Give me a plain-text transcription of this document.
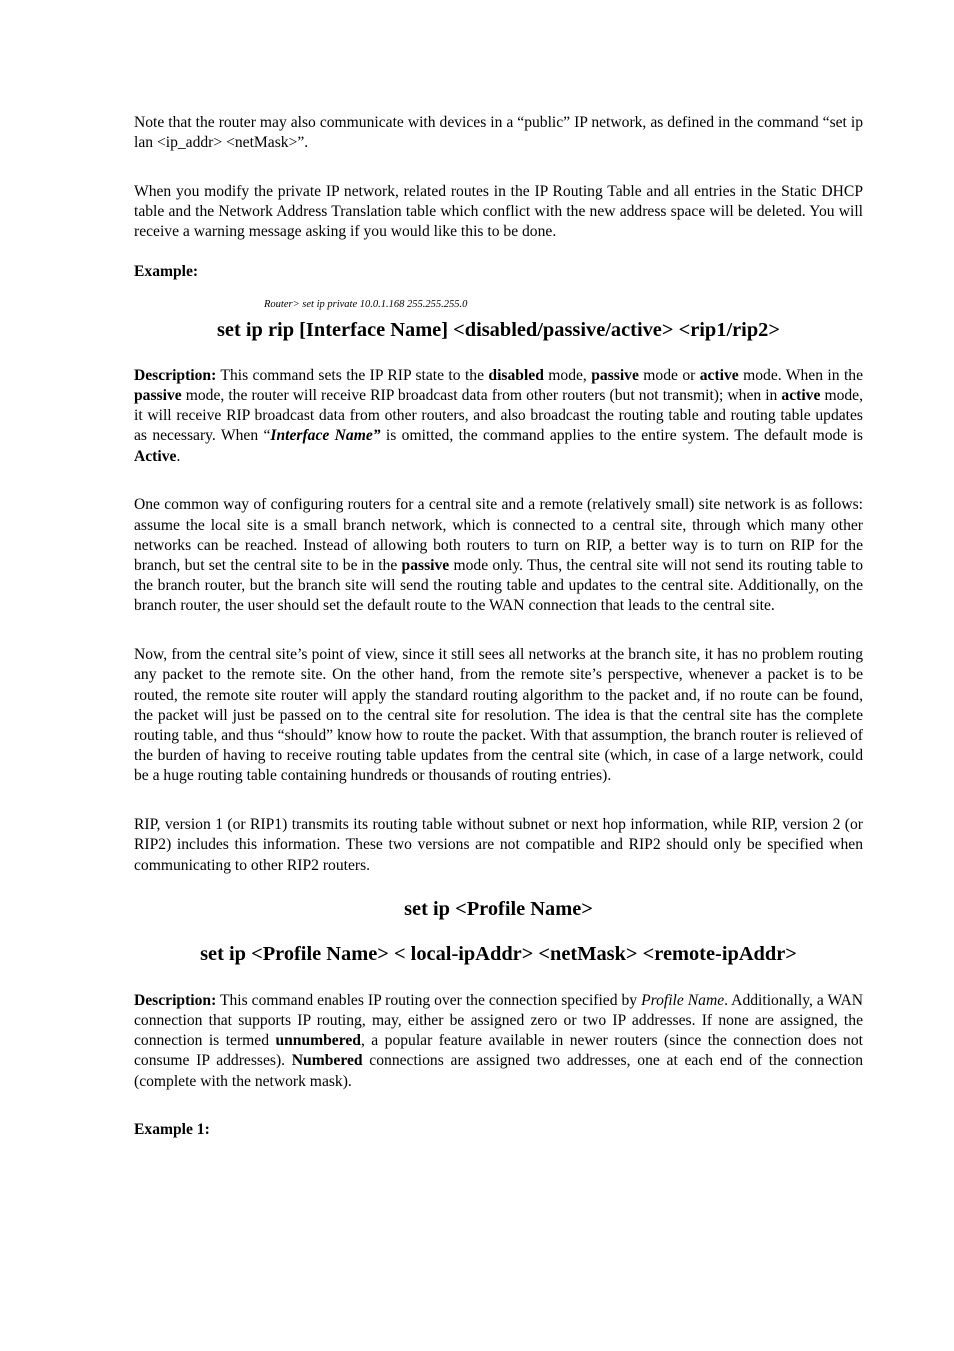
Note that the router may also communicate with devices in a “public” IP network, as defined in the command “set ip lan <ip_addr> <netMask>”.

When you modify the private IP network, related routes in the IP Routing Table and all entries in the Static DHCP table and the Network Address Translation table which conflict with the new address space will be deleted. You will receive a warning message asking if you would like this to be done.

Example:

Router> set ip private 10.0.1.168 255.255.255.0
set ip rip [Interface Name] <disabled/passive/active> <rip1/rip2>

Description: This command sets the IP RIP state to the disabled mode, passive mode or active mode. When in the passive mode, the router will receive RIP broadcast data from other routers (but not transmit); when in active mode, it will receive RIP broadcast data from other routers, and also broadcast the routing table and routing table updates as necessary. When “Interface Name” is omitted, the command applies to the entire system. The default mode is Active.

One common way of configuring routers for a central site and a remote (relatively small) site network is as follows: assume the local site is a small branch network, which is connected to a central site, through which many other networks can be reached. Instead of allowing both routers to turn on RIP, a better way is to turn on RIP for the branch, but set the central site to be in the passive mode only. Thus, the central site will not send its routing table to the branch router, but the branch site will send the routing table and updates to the central site. Additionally, on the branch router, the user should set the default route to the WAN connection that leads to the central site.

Now, from the central site’s point of view, since it still sees all networks at the branch site, it has no problem routing any packet to the remote site. On the other hand, from the remote site’s perspective, whenever a packet is to be routed, the remote site router will apply the standard routing algorithm to the packet and, if no route can be found, the packet will just be passed on to the central site for resolution. The idea is that the central site has the complete routing table, and thus “should” know how to route the packet. With that assumption, the branch router is relieved of the burden of having to receive routing table updates from the central site (which, in case of a large network, could be a huge routing table containing hundreds or thousands of routing entries).

RIP, version 1 (or RIP1) transmits its routing table without subnet or next hop information, while RIP, version 2 (or RIP2) includes this information. These two versions are not compatible and RIP2 should only be specified when communicating to other RIP2 routers.

set ip <Profile Name>
set ip <Profile Name> < local-ipAddr> <netMask> <remote-ipAddr>

Description: This command enables IP routing over the connection specified by Profile Name. Additionally, a WAN connection that supports IP routing, may, either be assigned zero or two IP addresses. If none are assigned, the connection is termed unnumbered, a popular feature available in newer routers (since the connection does not consume IP addresses). Numbered connections are assigned two addresses, one at each end of the connection (complete with the network mask).

Example 1:
